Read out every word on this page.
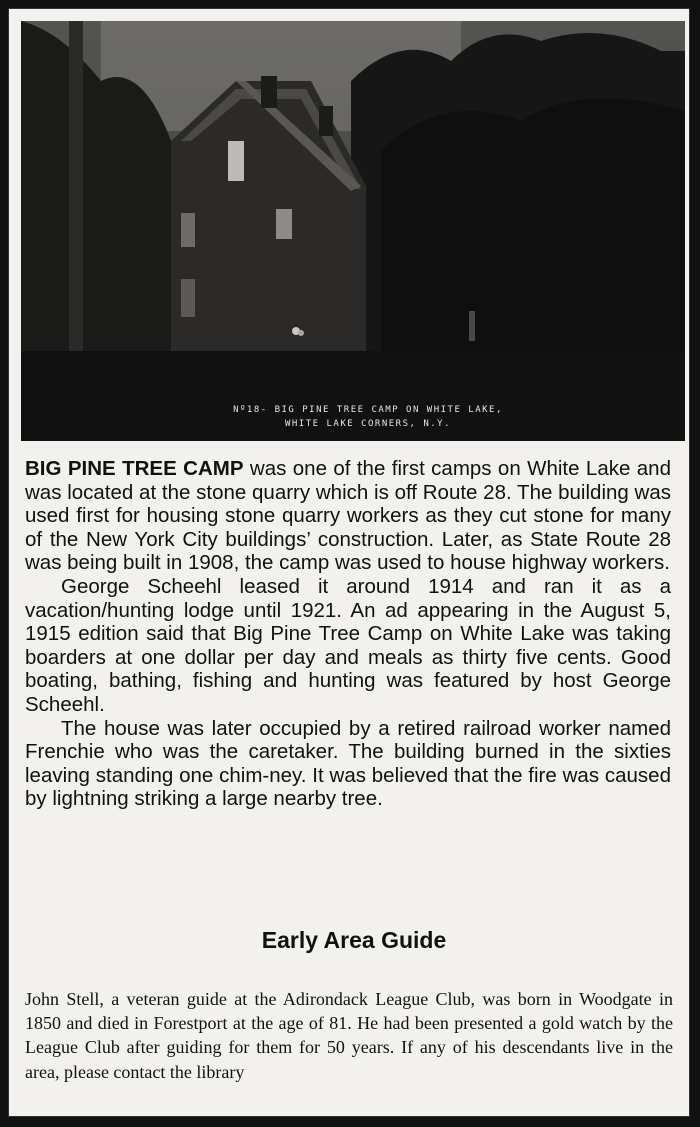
Nº18- BIG PINE TREE CAMP ON WHITE LAKE,
WHITE LAKE CORNERS, N.Y.

BIG PINE TREE CAMP was one of the first camps on White Lake and was located at the stone quarry which is off Route 28. The building was used first for housing stone quarry workers as they cut stone for many of the New York City buildings’ construction. Later, as State Route 28 was being built in 1908, the camp was used to house highway workers.

George Scheehl leased it around 1914 and ran it as a vacation/hunting lodge until 1921. An ad appearing in the August 5, 1915 edition said that Big Pine Tree Camp on White Lake was taking boarders at one dollar per day and meals as thirty five cents. Good boating, bathing, fishing and hunting was featured by host George Scheehl.

The house was later occupied by a retired railroad worker named Frenchie who was the caretaker. The building burned in the sixties leaving standing one chim-ney. It was believed that the fire was caused by lightning striking a large nearby tree.

Early Area Guide
John Stell, a veteran guide at the Adirondack League Club, was born in Woodgate in 1850 and died in Forestport at the age of 81. He had been presented a gold watch by the League Club after guiding for them for 50 years. If any of his descendants live in the area, please contact the library
